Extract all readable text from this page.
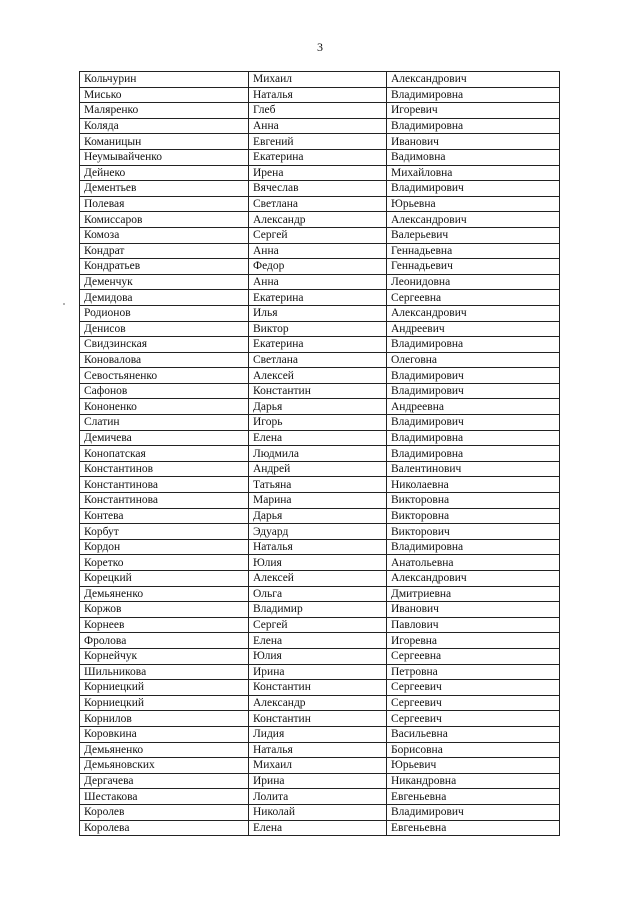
3
Кольчурин	Михаил	Александрович
Мисько	Наталья	Владимировна
Маляренко	Глеб	Игоревич
Коляда	Анна	Владимировна
Команицын	Евгений	Иванович
Неумывайченко	Екатерина	Вадимовна
Дейнеко	Ирена	Михайловна
Дементьев	Вячеслав	Владимирович
Полевая	Светлана	Юрьевна
Комиссаров	Александр	Александрович
Комоза	Сергей	Валерьевич
Кондрат	Анна	Геннадьевна
Кондратьев	Федор	Геннадьевич
Деменчук	Анна	Леонидовна
Демидова	Екатерина	Сергеевна
Родионов	Илья	Александрович
Денисов	Виктор	Андреевич
Свидзинская	Екатерина	Владимировна
Коновалова	Светлана	Олеговна
Севостьяненко	Алексей	Владимирович
Сафонов	Константин	Владимирович
Кононенко	Дарья	Андреевна
Слатин	Игорь	Владимирович
Демичева	Елена	Владимировна
Конопатская	Людмила	Владимировна
Константинов	Андрей	Валентинович
Константинова	Татьяна	Николаевна
Константинова	Марина	Викторовна
Контева	Дарья	Викторовна
Корбут	Эдуард	Викторович
Кордон	Наталья	Владимировна
Коретко	Юлия	Анатольевна
Корецкий	Алексей	Александрович
Демьяненко	Ольга	Дмитриевна
Коржов	Владимир	Иванович
Корнеев	Сергей	Павлович
Фролова	Елена	Игоревна
Корнейчук	Юлия	Сергеевна
Шильникова	Ирина	Петровна
Корниецкий	Константин	Сергеевич
Корниецкий	Александр	Сергеевич
Корнилов	Константин	Сергеевич
Коровкина	Лидия	Васильевна
Демьяненко	Наталья	Борисовна
Демьяновских	Михаил	Юрьевич
Дергачева	Ирина	Никандровна
Шестакова	Лолита	Евгеньевна
Королев	Николай	Владимирович
Королева	Елена	Евгеньевна
